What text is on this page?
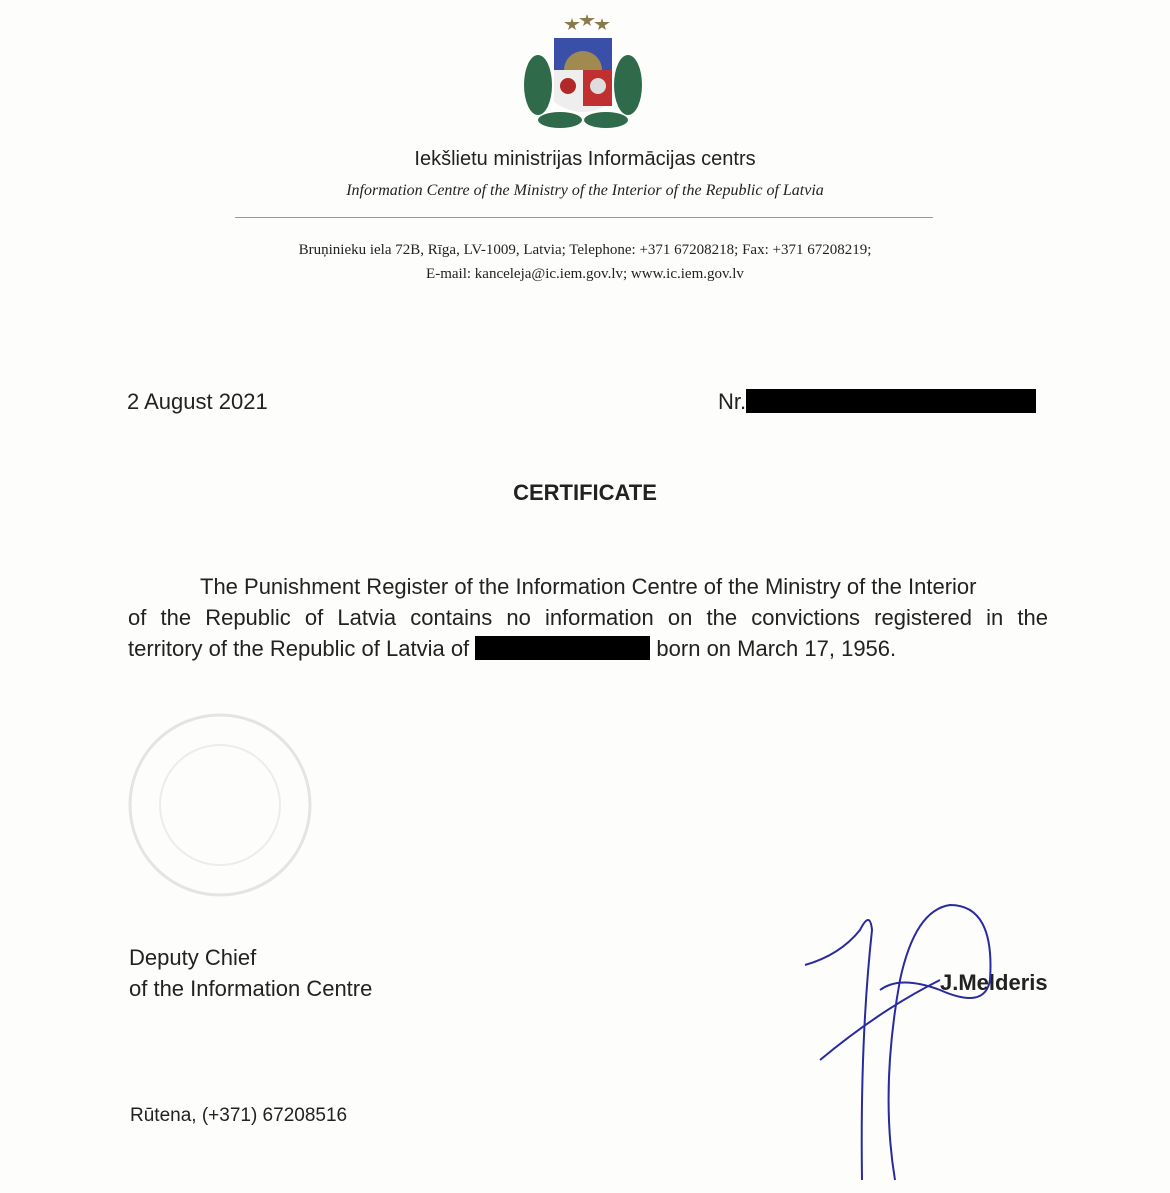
Iekšlietu ministrijas Informācijas centrs
Information Centre of the Ministry of the Interior of the Republic of Latvia
Bruņinieku iela 72B, Rīga, LV-1009, Latvia; Telephone: +371 67208218; Fax: +371 67208219;
E-mail: kanceleja@ic.iem.gov.lv; www.ic.iem.gov.lv
2 August 2021	Nr.
CERTIFICATE

The Punishment Register of the Information Centre of the Ministry of the Interior

of the Republic of Latvia contains no information on the convictions registered in the

territory of the Republic of Latvia of	born on March 17, 1956.

Deputy Chief
of the Information Centre	J.Melderis
Rūtena, (+371) 67208516
